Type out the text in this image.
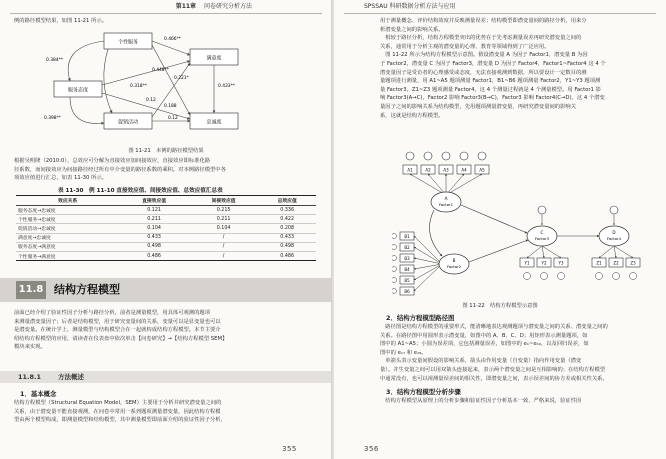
第11章 问卷研究分析方法
例的路径模型结果，如图 11-21 所示。
个性服务
满意度
服务态度
忠诚度
促销活动
0.466**
0.384**
0.448**
0.221*
0.433**
0.318**
0.12
0.188
0.12
0.398**
图 11-21　本例的路径模型结果
根据吴明隆（2010:0），总效应可分解为直接效应加间接效应，直接效应即标准化路
径系数，而间接效应为间接路径经过所有中介变量的路径系数的乘积。对本例路径模型中各
项效应值进行汇总，如表 11-30 所示。
表 11-30　例 11-10 直接效应值、间接效应值、总效应值汇总表
效应关系	直接效应值	间接效应值	总效应值
服务态度→忠诚度	0.121	0.215	0.336
个性服务→忠诚度	0.211	0.211	0.422
促销活动→忠诚度	0.104	0.104	0.208
满意度→忠诚度	0.433	/	0.433
服务态度→满意度	0.498	/	0.498
个性服务→满意度	0.486	/	0.486
11.8 结构方程模型
前面已经介绍了验证性因子分析与路径分析，前者是测量模型，用具体可观测的题项
来测量潜变量因子；后者是结构模型，用于研究变量间的关系，变量可以是显变量也可以
是潜变量。在统计学上，测量模型与结构模型合在一起就构成结构方程模型。本节主要介
绍结构方程模型的应用，请读者在仪表盘中依次单击【问卷研究】→【结构方程模型 SEM】
模块来实现。
11.8.1	方法概述
1．基本概念
结构方程模型（Structural Equation Model，SEM）主要用于分析并研究潜变量之间的
关系，由于潜变量不能直接观测，在问卷中常用一系列题项测量潜变量，因此结构方程模
型由两个模型构成，即测量模型和结构模型，其中测量模型即前面介绍的验证性因子分析，
355
SPSSAU 科研数据分析方法与应用
用于测量概念、评价结构效度并反映测量误差；结构模型即潜变量间的路径分析，用来分
析潜变量之间的影响关系。
　相较于路径分析，结构方程模型突出的优势在于先考虑测量误差再研究潜变量之间的
关系，通常用于分析主观的潜变量的心理、教育等领域得到了广泛应用。
　图 11-22 所示为结构方程模型示意图。假设潜变量 A 为因子 Factor1，潜变量 B 为因
子 Factor2，潜变量 C 为因子 Factor3，潜变量 D 为因子 Factor4，Factor1~Factor4 这 4 个
潜变量因子是受访者的心理感受或态度，无法直接观测到数据，所以要设计一定数目的测
量题项进行测量，用 A1~A5 题项测量 Factor1，B1~B6 题项测量 Factor2，Y1~Y3 题项测
量 Factor3，Z1~Z3 题项测量 Factor4，这 4 个测量过程就是 4 个测量模型。用 Factor1 影
响 Factor3(A→C)，Factor2 影响 Factor3(B→C)，Factor3 影响 Factor4(C→D)，这 4 个潜变
量因子之间的影响关系为结构模型，先用题项测量潜变量，再研究潜变量间的影响关
系，这就是结构方程模型。
A1	A2	A3	A4	A5
A
Factor1
B1
B2
B3
B4
B5
B6
B
Factor2
C
Factor3
Y1	Y2	Y3
D
Factor4
Z1	Z2	Z3
图 11-22　结构方程模型示意图
2．结构方程模型路径图
　路径图是结构方程模型的重要形式，能清晰地表达观测题项与潜变量之间的关系、潜变量之间的
关系。在路径图中用圆形表示潜变量，如图中的 A、B、C、D；用矩形表示测量题项，如
图中的 A1~A5；小圆为误差项，它包括测量误差，如图中的 e₁~e₁₆，以及回归误差，如
图中的 e₁₇ 和 e₁₈。
　单箭头表示变量间假设的影响关系，箭头由作用变量（自变量）指向作用变量（潜变
量）。并生变量之间可以用双箭头连接起来，表示两个潜变量之间是互相影响的；在结构方程模型
中通常没有，也可以视测量误差间的相关性，即潜变量之间，表示误差间的协方差或相关性关系。
3．结构方程模型分析步骤
　结构方程模型从原理上的分析步骤和验证性因子分析基本一致，严格来说，验证性因
356
